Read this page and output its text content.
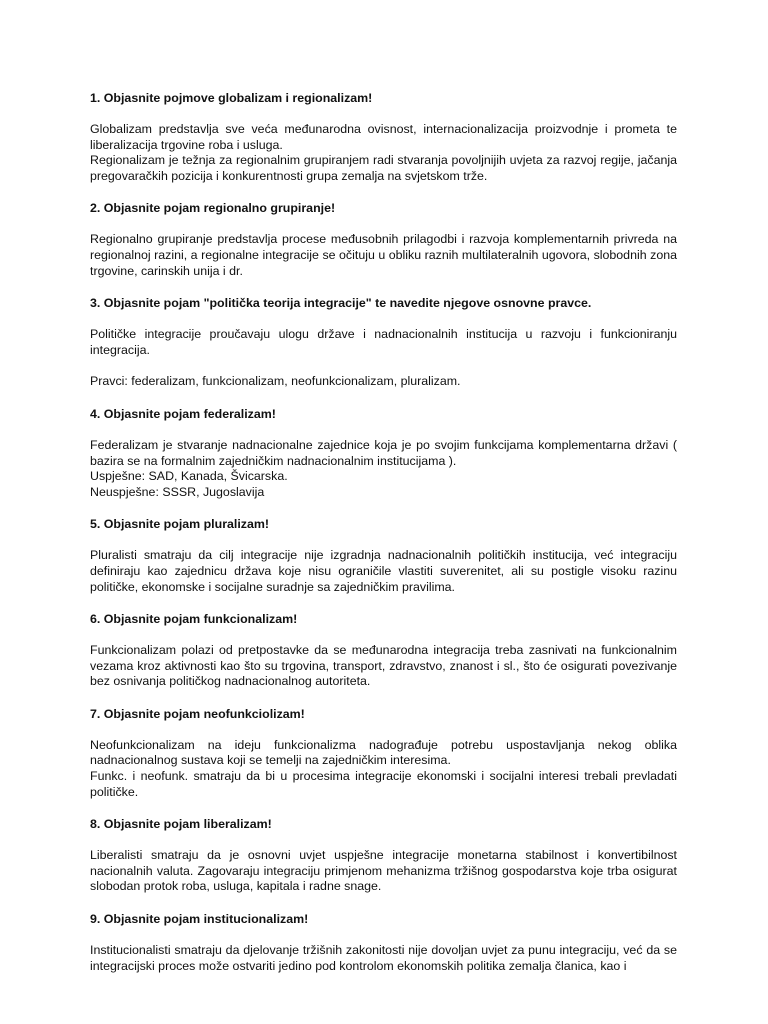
1. Objasnite pojmove globalizam i regionalizam!

Globalizam predstavlja sve veća međunarodna ovisnost, internacionalizacija proizvodnje i prometa te liberalizacija trgovine roba i usluga.

Regionalizam je težnja za regionalnim grupiranjem radi stvaranja povoljnijih uvjeta za razvoj regije, jačanja pregovaračkih pozicija i konkurentnosti grupa zemalja na svjetskom trže.

2. Objasnite pojam regionalno grupiranje!

Regionalno grupiranje predstavlja procese međusobnih prilagodbi i razvoja komplementarnih privreda na regionalnoj razini, a regionalne integracije se očituju u obliku raznih multilateralnih ugovora, slobodnih zona trgovine, carinskih unija i dr.

3. Objasnite pojam "politička teorija integracije" te navedite njegove osnovne pravce.

Političke integracije proučavaju ulogu države i nadnacionalnih institucija u razvoju i funkcioniranju integracija.

Pravci: federalizam, funkcionalizam, neofunkcionalizam, pluralizam.

4. Objasnite pojam federalizam!

Federalizam je stvaranje nadnacionalne zajednice koja je po svojim funkcijama komplementarna državi ( bazira se na formalnim zajedničkim nadnacionalnim institucijama ).

Uspješne: SAD, Kanada, Švicarska.

Neuspješne: SSSR, Jugoslavija

5. Objasnite pojam pluralizam!

Pluralisti smatraju da cilj integracije nije izgradnja nadnacionalnih političkih institucija, već integraciju definiraju kao zajednicu država koje nisu ograničile vlastiti suverenitet, ali su postigle visoku razinu političke, ekonomske i socijalne suradnje sa zajedničkim pravilima.

6. Objasnite pojam funkcionalizam!

Funkcionalizam polazi od pretpostavke da se međunarodna integracija treba zasnivati na funkcionalnim vezama kroz aktivnosti kao što su trgovina, transport, zdravstvo, znanost i sl., što će osigurati povezivanje bez osnivanja političkog nadnacionalnog autoriteta.

7. Objasnite pojam neofunkciolizam!

Neofunkcionalizam na ideju funkcionalizma nadograđuje potrebu uspostavljanja nekog oblika nadnacionalnog sustava koji se temelji na zajedničkim interesima.

Funkc. i neofunk. smatraju da bi u procesima integracije ekonomski i socijalni interesi trebali prevladati političke.

8. Objasnite pojam liberalizam!

Liberalisti smatraju da je osnovni uvjet uspješne integracije monetarna stabilnost i konvertibilnost nacionalnih valuta. Zagovaraju integraciju primjenom mehanizma tržišnog gospodarstva koje trba osigurat slobodan protok roba, usluga, kapitala i radne snage.

9. Objasnite pojam institucionalizam!

Institucionalisti smatraju da djelovanje tržišnih zakonitosti nije dovoljan uvjet za punu integraciju, već da se integracijski proces može ostvariti jedino pod kontrolom ekonomskih politika zemalja članica, kao i
